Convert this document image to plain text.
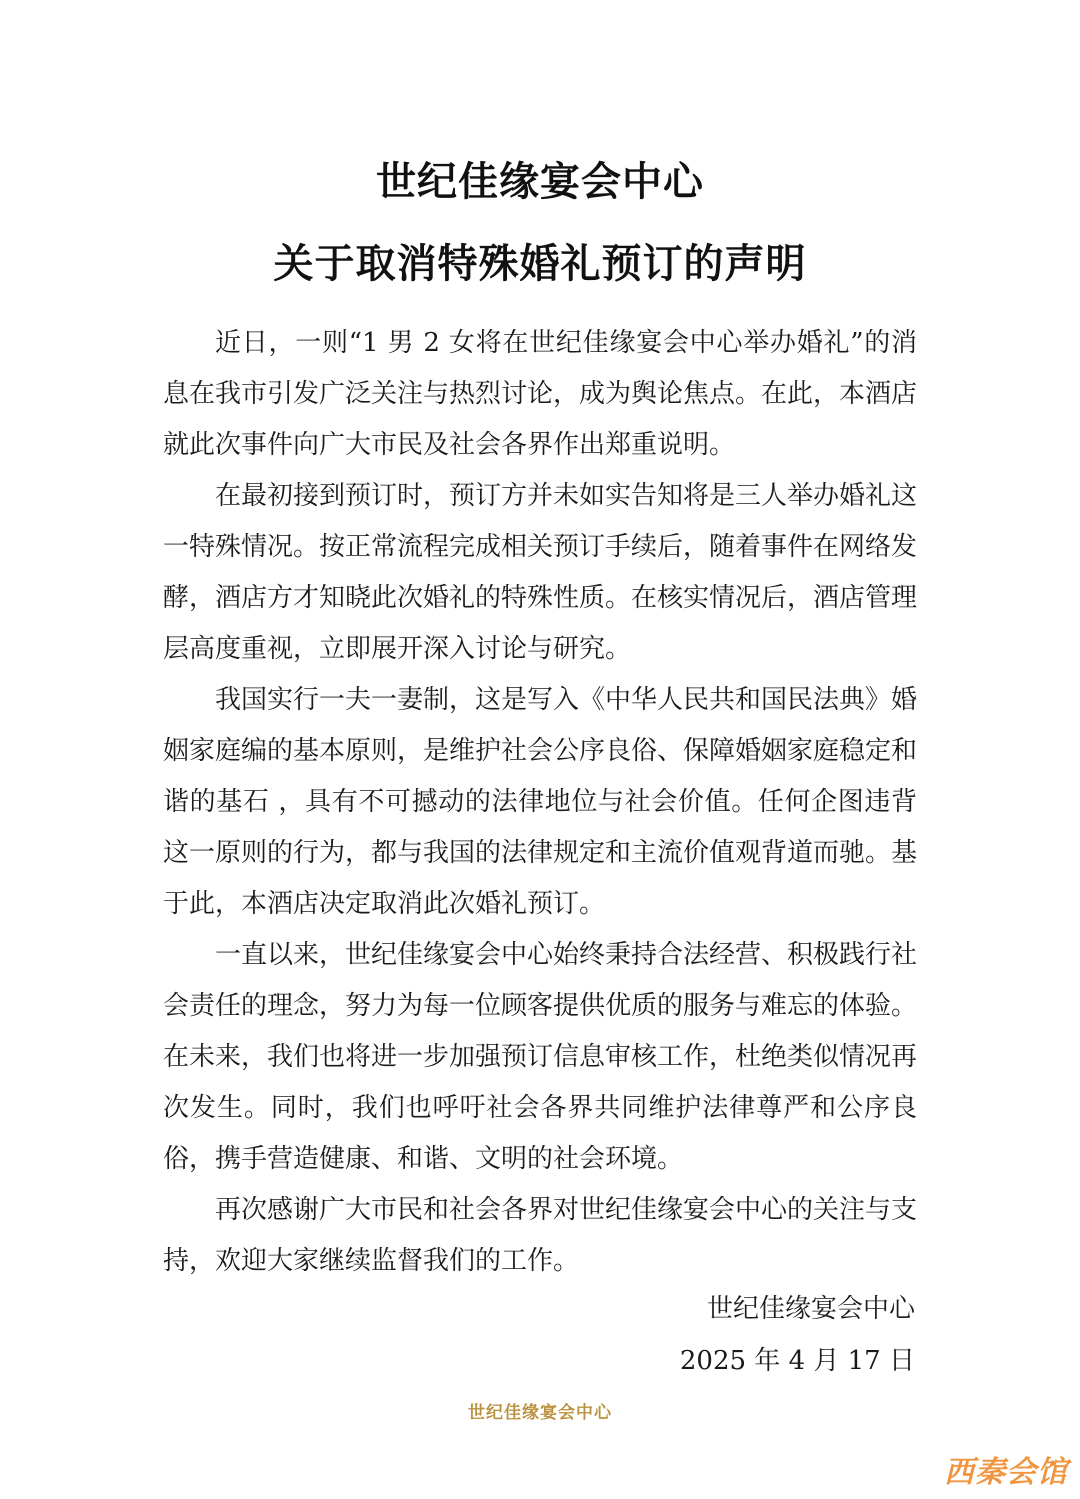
世纪佳缘宴会中心
关于取消特殊婚礼预订的声明

近日，一则“1 男 2 女将在世纪佳缘宴会中心举办婚礼”的消息在我市引发广泛关注与热烈讨论，成为舆论焦点。在此，本酒店就此次事件向广大市民及社会各界作出郑重说明。

在最初接到预订时，预订方并未如实告知将是三人举办婚礼这一特殊情况。按正常流程完成相关预订手续后，随着事件在网络发酵，酒店方才知晓此次婚礼的特殊性质。在核实情况后，酒店管理层高度重视，立即展开深入讨论与研究。

我国实行一夫一妻制，这是写入《中华人民共和国民法典》婚姻家庭编的基本原则，是维护社会公序良俗、保障婚姻家庭稳定和谐的基石 ，具有不可撼动的法律地位与社会价值。任何企图违背这一原则的行为，都与我国的法律规定和主流价值观背道而驰。基于此，本酒店决定取消此次婚礼预订。

一直以来，世纪佳缘宴会中心始终秉持合法经营、积极践行社会责任的理念，努力为每一位顾客提供优质的服务与难忘的体验。在未来，我们也将进一步加强预订信息审核工作，杜绝类似情况再次发生。同时，我们也呼吁社会各界共同维护法律尊严和公序良俗，携手营造健康、和谐、文明的社会环境。

再次感谢广大市民和社会各界对世纪佳缘宴会中心的关注与支持，欢迎大家继续监督我们的工作。

世纪佳缘宴会中心
2025 年 4 月 17 日
世纪佳缘宴会中心
西秦会馆
